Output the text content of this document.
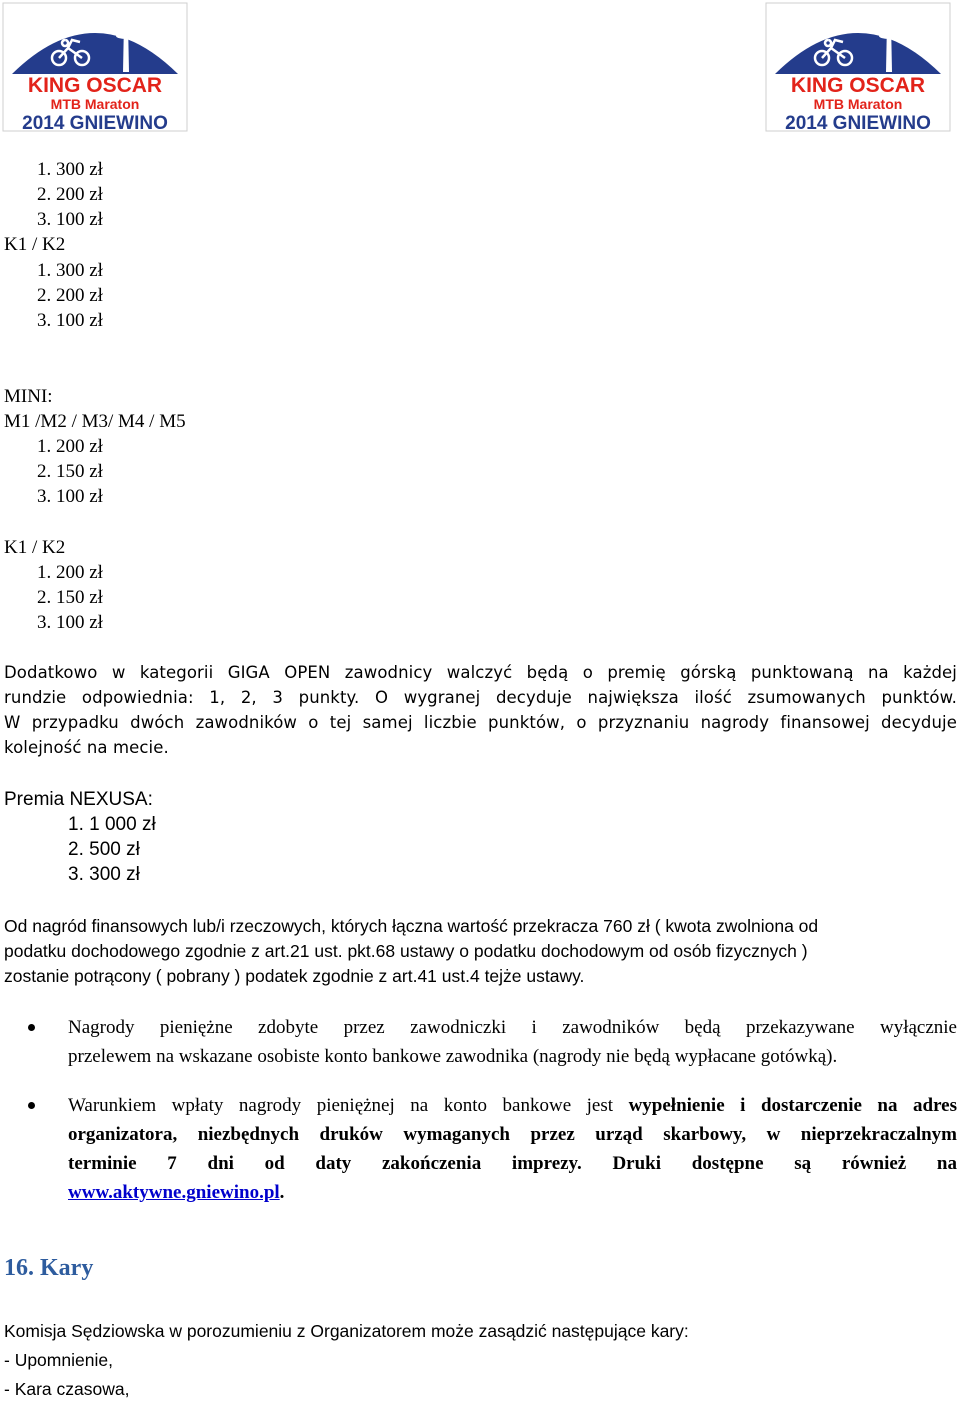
KING OSCAR
MTB Maraton
2014 GNIEWINO
KING OSCAR
MTB Maraton
2014 GNIEWINO
1. 300 zł
2. 200 zł
3. 100 zł
K1 / K2
1. 300 zł
2. 200 zł
3. 100 zł
MINI:
M1 /M2 / M3/ M4 / M5
1. 200 zł
2. 150 zł
3. 100 zł
K1 / K2
1. 200 zł
2. 150 zł
3. 100 zł
Dodatkowo w kategorii GIGA OPEN zawodnicy walczyć będą o premię górską punktowaną na każdej
rundzie odpowiednia: 1, 2, 3 punkty. O wygranej decyduje największa ilość zsumowanych punktów.
W przypadku dwóch zawodników o tej samej liczbie punktów, o przyznaniu nagrody finansowej decyduje
kolejność na mecie.
Premia NEXUSA:
1. 1 000 zł
2. 500 zł
3. 300 zł
Od nagród finansowych lub/i rzeczowych, których łączna wartość przekracza 760 zł ( kwota zwolniona od
podatku dochodowego zgodnie z art.21 ust. pkt.68 ustawy o podatku dochodowym od osób fizycznych )
zostanie potrącony ( pobrany ) podatek zgodnie z art.41 ust.4 tejże ustawy.
Nagrody pieniężne zdobyte przez zawodniczki i zawodników będą przekazywane wyłącznie
przelewem na wskazane osobiste konto bankowe zawodnika (nagrody nie będą wypłacane gotówką).
Warunkiem wpłaty nagrody pieniężnej na konto bankowe jest wypełnienie i dostarczenie na adres
organizatora, niezbędnych druków wymaganych przez urząd skarbowy, w nieprzekraczalnym
terminie 7 dni od daty zakończenia imprezy. Druki dostępne są również na
www.aktywne.gniewino.pl.
16. Kary
Komisja Sędziowska w porozumieniu z Organizatorem może zasądzić następujące kary:
- Upomnienie,
- Kara czasowa,
